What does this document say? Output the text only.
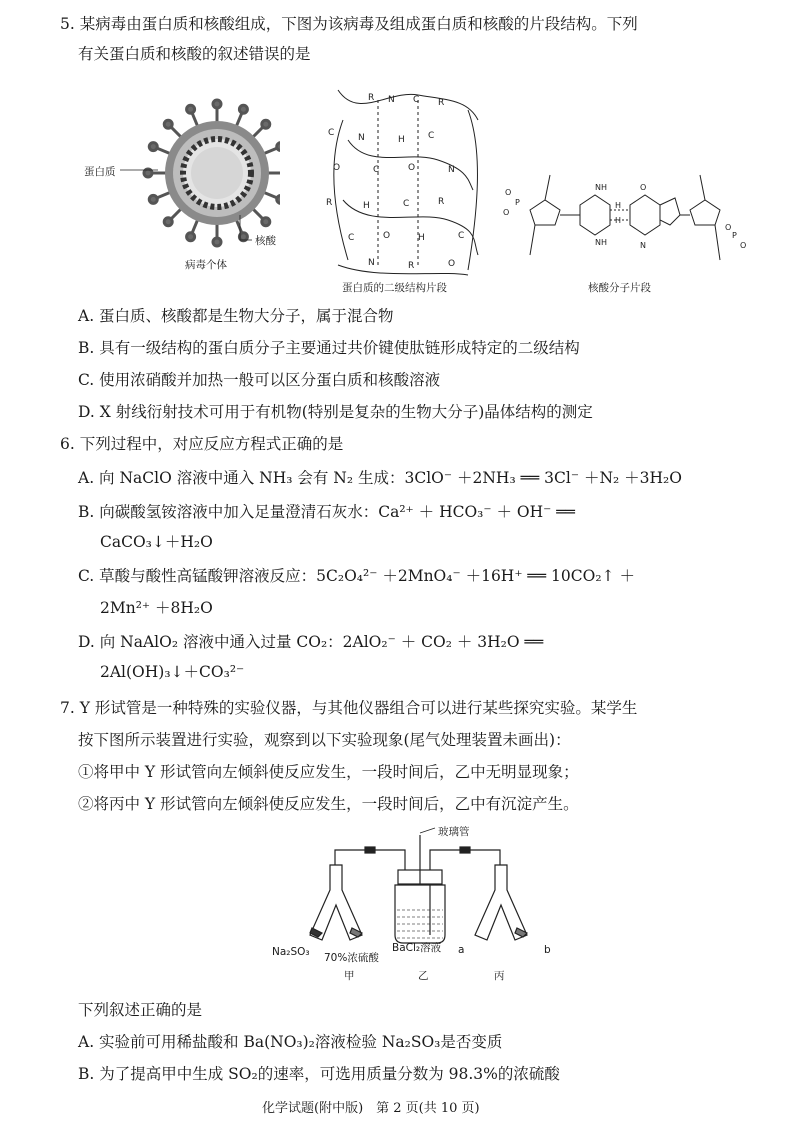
5. 某病毒由蛋白质和核酸组成，下图为该病毒及组成蛋白质和核酸的片段结构。下列
有关蛋白质和核酸的叙述错误的是
蛋白质
核酸
病毒个体
R N C R
C	N	H	C
O	C	O	N
R	H	C	R
C	O	H	C
N	R	O
蛋白质的二级结构片段
O
P
O
O
P
O
NH
NH
H
H
O
N
核酸分子片段
A. 蛋白质、核酸都是生物大分子，属于混合物
B. 具有一级结构的蛋白质分子主要通过共价键使肽链形成特定的二级结构
C. 使用浓硝酸并加热一般可以区分蛋白质和核酸溶液
D. X 射线衍射技术可用于有机物(特别是复杂的生物大分子)晶体结构的测定
6. 下列过程中，对应反应方程式正确的是
A. 向 NaClO 溶液中通入 NH₃ 会有 N₂ 生成：3ClO⁻ ＋2NH₃ ══ 3Cl⁻ ＋N₂ ＋3H₂O
B. 向碳酸氢铵溶液中加入足量澄清石灰水：Ca²⁺ ＋ HCO₃⁻ ＋ OH⁻ ══
CaCO₃↓＋H₂O
C. 草酸与酸性高锰酸钾溶液反应：5C₂O₄²⁻ ＋2MnO₄⁻ ＋16H⁺ ══ 10CO₂↑ ＋
2Mn²⁺ ＋8H₂O
D. 向 NaAlO₂ 溶液中通入过量 CO₂：2AlO₂⁻ ＋ CO₂ ＋ 3H₂O ══
2Al(OH)₃↓＋CO₃²⁻
7. Y 形试管是一种特殊的实验仪器，与其他仪器组合可以进行某些探究实验。某学生
按下图所示装置进行实验，观察到以下实验现象(尾气处理装置未画出)：
①将甲中 Y 形试管向左倾斜使反应发生，一段时间后，乙中无明显现象；
②将丙中 Y 形试管向左倾斜使反应发生，一段时间后，乙中有沉淀产生。
玻璃管
Na₂SO₃ 70%浓硫酸
BaCl₂溶液 a	b
甲	乙	丙
下列叙述正确的是
A. 实验前可用稀盐酸和 Ba(NO₃)₂溶液检验 Na₂SO₃是否变质
B. 为了提高甲中生成 SO₂的速率，可选用质量分数为 98.3%的浓硫酸
化学试题(附中版)　第 2 页(共 10 页)
